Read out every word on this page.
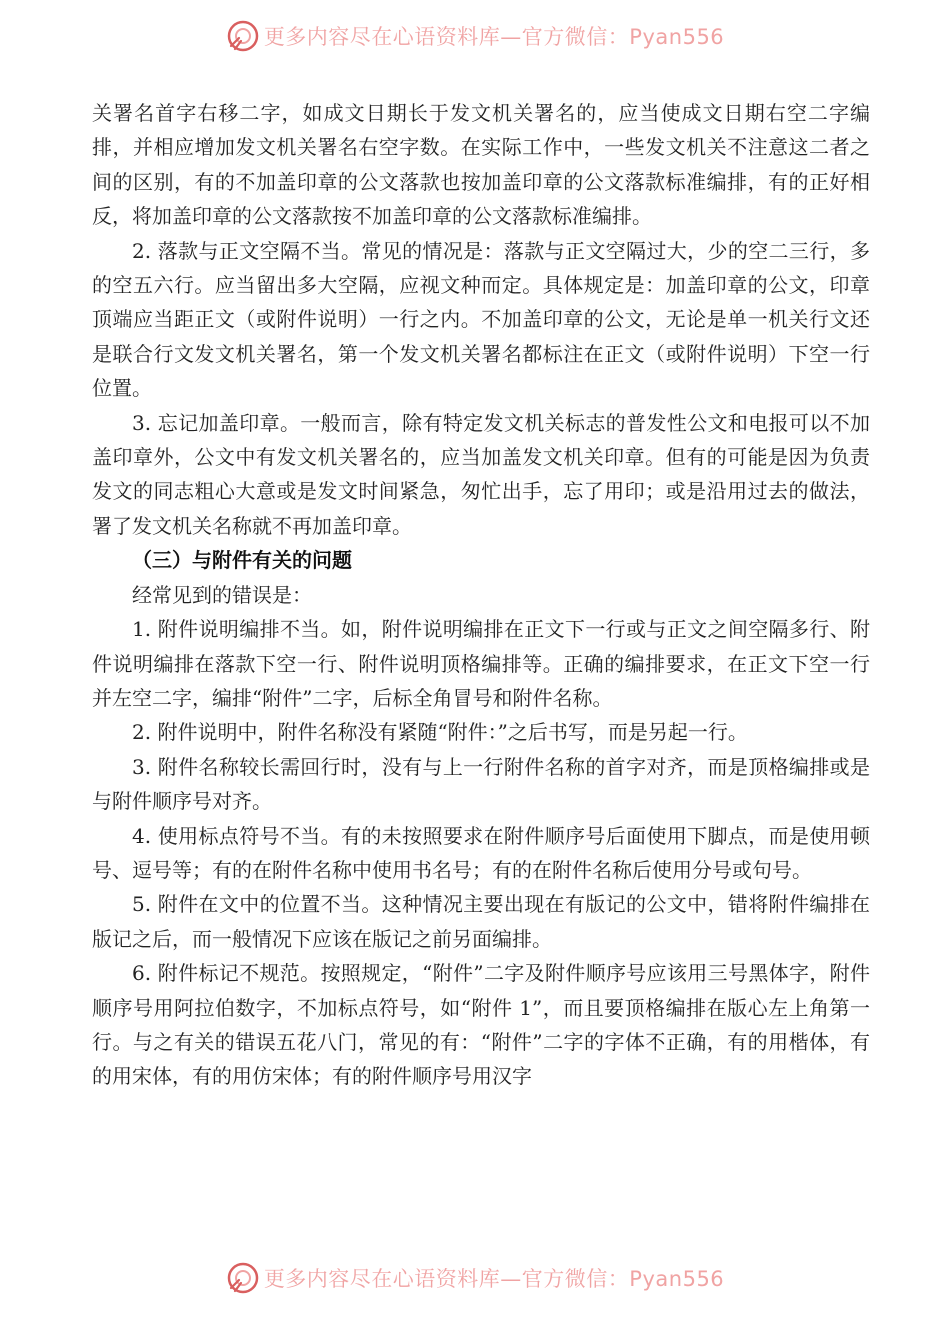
更多内容尽在心语资料库—官方微信：Pyan556

关署名首字右移二字，如成文日期长于发文机关署名的，应当使成文日期右空二字编排，并相应增加发文机关署名右空字数。在实际工作中，一些发文机关不注意这二者之间的区别，有的不加盖印章的公文落款也按加盖印章的公文落款标准编排，有的正好相反，将加盖印章的公文落款按不加盖印章的公文落款标准编排。

2. 落款与正文空隔不当。常见的情况是：落款与正文空隔过大，少的空二三行，多的空五六行。应当留出多大空隔，应视文种而定。具体规定是：加盖印章的公文，印章顶端应当距正文（或附件说明）一行之内。不加盖印章的公文，无论是单一机关行文还是联合行文发文机关署名，第一个发文机关署名都标注在正文（或附件说明）下空一行位置。

3. 忘记加盖印章。一般而言，除有特定发文机关标志的普发性公文和电报可以不加盖印章外，公文中有发文机关署名的，应当加盖发文机关印章。但有的可能是因为负责发文的同志粗心大意或是发文时间紧急，匆忙出手，忘了用印；或是沿用过去的做法，署了发文机关名称就不再加盖印章。

（三）与附件有关的问题

经常见到的错误是：

1. 附件说明编排不当。如，附件说明编排在正文下一行或与正文之间空隔多行、附件说明编排在落款下空一行、附件说明顶格编排等。正确的编排要求，在正文下空一行并左空二字，编排“附件”二字，后标全角冒号和附件名称。

2. 附件说明中，附件名称没有紧随“附件：”之后书写，而是另起一行。

3. 附件名称较长需回行时，没有与上一行附件名称的首字对齐，而是顶格编排或是与附件顺序号对齐。

4. 使用标点符号不当。有的未按照要求在附件顺序号后面使用下脚点，而是使用顿号、逗号等；有的在附件名称中使用书名号；有的在附件名称后使用分号或句号。

5. 附件在文中的位置不当。这种情况主要出现在有版记的公文中，错将附件编排在版记之后，而一般情况下应该在版记之前另面编排。

6. 附件标记不规范。按照规定，“附件”二字及附件顺序号应该用三号黑体字，附件顺序号用阿拉伯数字，不加标点符号，如“附件 1”，而且要顶格编排在版心左上角第一行。与之有关的错误五花八门，常见的有：“附件”二字的字体不正确，有的用楷体，有的用宋体，有的用仿宋体；有的附件顺序号用汉字

更多内容尽在心语资料库—官方微信：Pyan556
